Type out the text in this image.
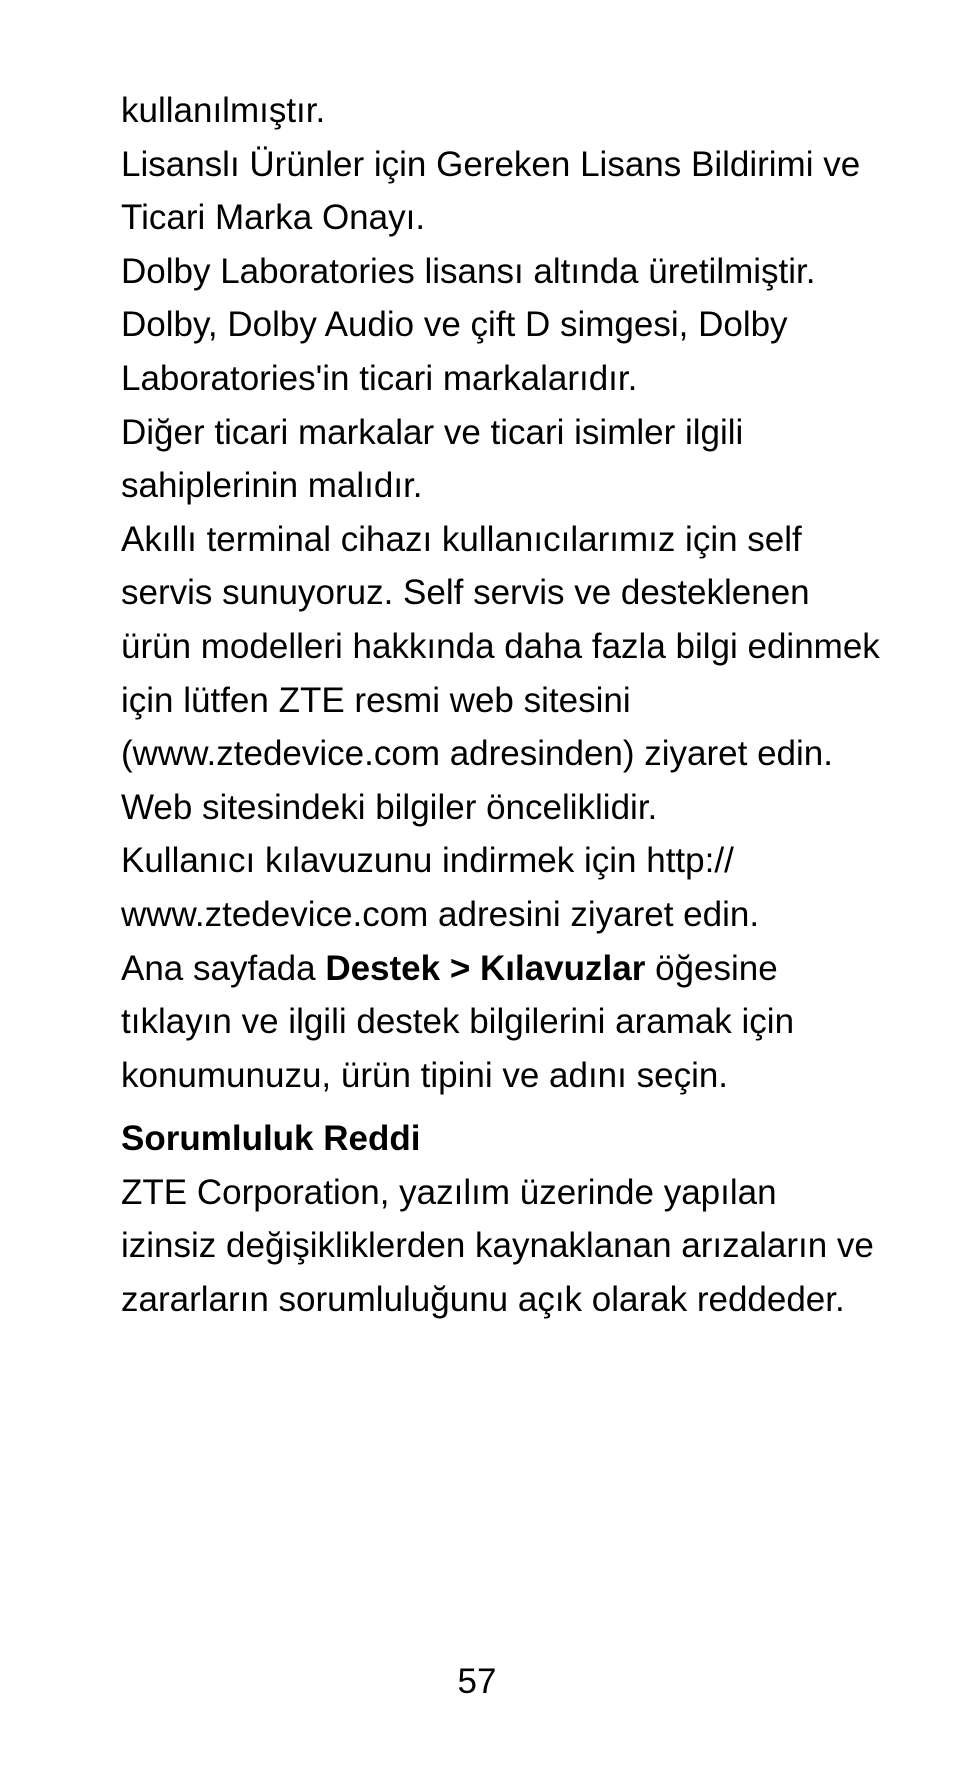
kullanılmıştır.

Lisanslı Ürünler için Gereken Lisans Bildirimi ve Ticari Marka Onayı.

Dolby Laboratories lisansı altında üretilmiştir. Dolby, Dolby Audio ve çift D simgesi, Dolby Laboratories'in ticari markalarıdır.

Diğer ticari markalar ve ticari isimler ilgili sahiplerinin malıdır.

Akıllı terminal cihazı kullanıcılarımız için self servis sunuyoruz. Self servis ve desteklenen ürün modelleri hakkında daha fazla bilgi edinmek için lütfen ZTE resmi web sitesini (www.ztedevice.com adresinden) ziyaret edin. Web sitesindeki bilgiler önceliklidir.

Kullanıcı kılavuzunu indirmek için http:// www.ztedevice.com adresini ziyaret edin.

Ana sayfada Destek > Kılavuzlar öğesine tıklayın ve ilgili destek bilgilerini aramak için konumunuzu, ürün tipini ve adını seçin.

Sorumluluk Reddi

ZTE Corporation, yazılım üzerinde yapılan izinsiz değişikliklerden kaynaklanan arızaların ve zararların sorumluluğunu açık olarak reddeder.

57
